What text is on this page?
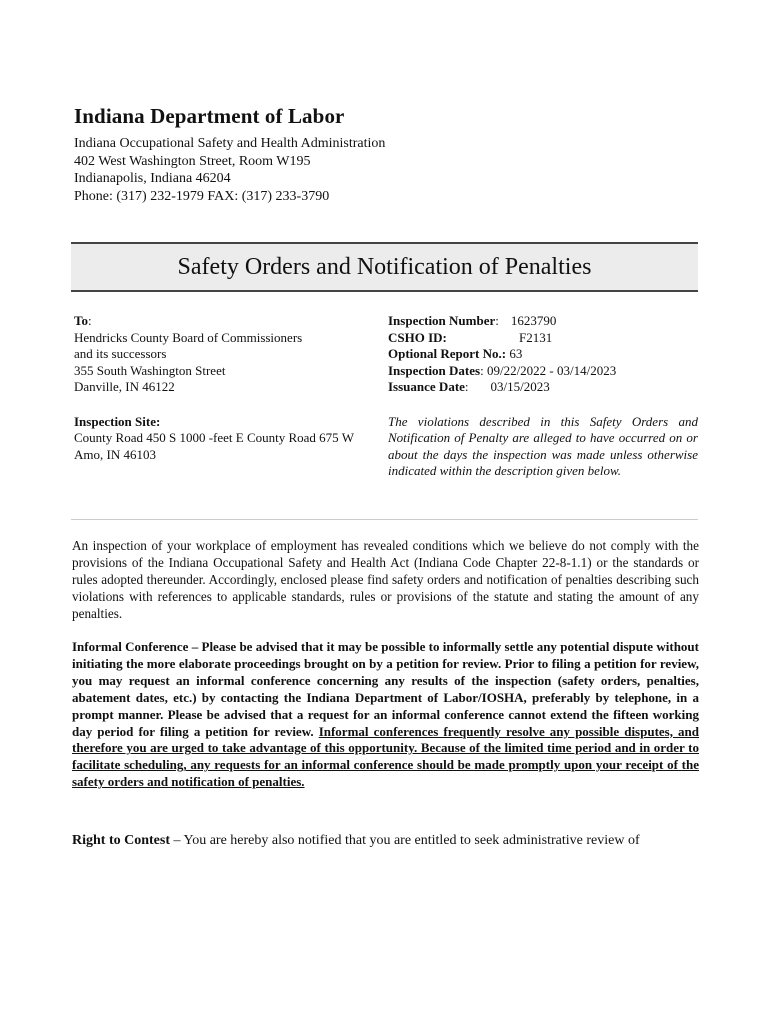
Indiana Department of Labor
Indiana Occupational Safety and Health Administration
402 West Washington Street, Room W195
Indianapolis, Indiana 46204
Phone: (317) 232-1979 FAX: (317) 233-3790
Safety Orders and Notification of Penalties
To:
Hendricks County Board of Commissioners
and its successors
355 South Washington Street
Danville, IN 46122
Inspection Site:
County Road 450 S 1000 -feet E County Road 675 W
Amo, IN 46103
Inspection Number: 1623790
CSHO ID:	F2131
Optional Report No.: 63
Inspection Dates: 09/22/2022 - 03/14/2023
Issuance Date: 03/15/2023
The violations described in this Safety Orders and Notification of Penalty are alleged to have occurred on or about the days the inspection was made unless otherwise indicated within the description given below.
An inspection of your workplace of employment has revealed conditions which we believe do not comply with the provisions of the Indiana Occupational Safety and Health Act (Indiana Code Chapter 22-8-1.1) or the standards or rules adopted thereunder. Accordingly, enclosed please find safety orders and notification of penalties describing such violations with references to applicable standards, rules or provisions of the statute and stating the amount of any penalties.
Informal Conference – Please be advised that it may be possible to informally settle any potential dispute without initiating the more elaborate proceedings brought on by a petition for review. Prior to filing a petition for review, you may request an informal conference concerning any results of the inspection (safety orders, penalties, abatement dates, etc.) by contacting the Indiana Department of Labor/IOSHA, preferably by telephone, in a prompt manner. Please be advised that a request for an informal conference cannot extend the fifteen working day period for filing a petition for review. Informal conferences frequently resolve any possible disputes, and therefore you are urged to take advantage of this opportunity. Because of the limited time period and in order to facilitate scheduling, any requests for an informal conference should be made promptly upon your receipt of the safety orders and notification of penalties.
Right to Contest – You are hereby also notified that you are entitled to seek administrative review of
